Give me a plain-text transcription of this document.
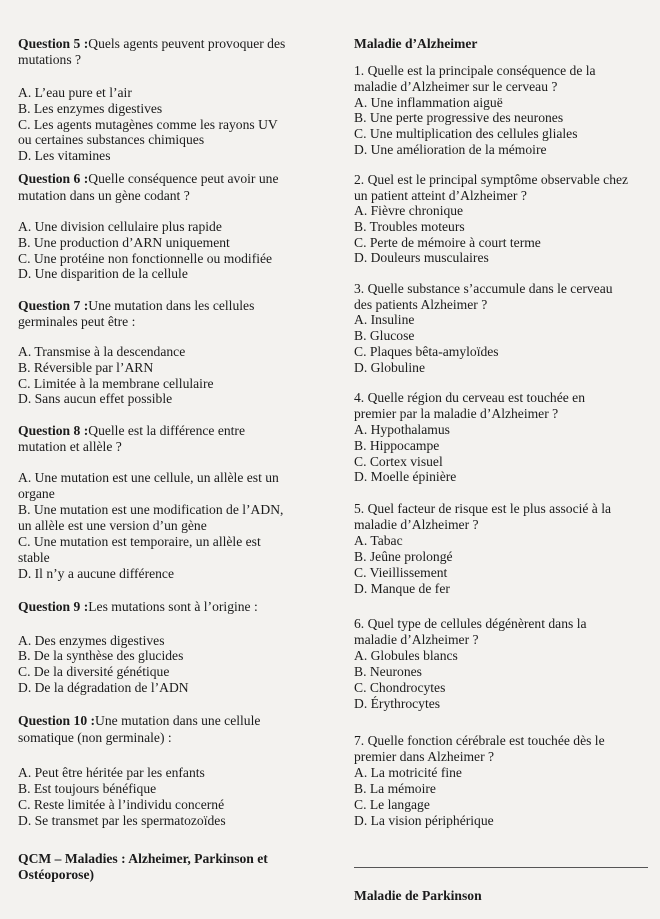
Question 5 :Quels agents peuvent provoquer des
mutations ?
A. L’eau pure et l’air
B. Les enzymes digestives
C. Les agents mutagènes comme les rayons UV
ou certaines substances chimiques
D. Les vitamines
Question 6 :Quelle conséquence peut avoir une
mutation dans un gène codant ?
A. Une division cellulaire plus rapide
B. Une production d’ARN uniquement
C. Une protéine non fonctionnelle ou modifiée
D. Une disparition de la cellule
Question 7 :Une mutation dans les cellules
germinales peut être :
A. Transmise à la descendance
B. Réversible par l’ARN
C. Limitée à la membrane cellulaire
D. Sans aucun effet possible
Question 8 :Quelle est la différence entre
mutation et allèle ?
A. Une mutation est une cellule, un allèle est un
organe
B. Une mutation est une modification de l’ADN,
un allèle est une version d’un gène
C. Une mutation est temporaire, un allèle est
stable
D. Il n’y a aucune différence
Question 9 :Les mutations sont à l’origine :
A. Des enzymes digestives
B. De la synthèse des glucides
C. De la diversité génétique
D. De la dégradation de l’ADN
Question 10 :Une mutation dans une cellule
somatique (non germinale) :
A. Peut être héritée par les enfants
B. Est toujours bénéfique
C. Reste limitée à l’individu concerné
D. Se transmet par les spermatozoïdes
QCM – Maladies : Alzheimer, Parkinson et
Ostéoporose)
Maladie d’Alzheimer
1. Quelle est la principale conséquence de la
maladie d’Alzheimer sur le cerveau ?
A. Une inflammation aiguë
B. Une perte progressive des neurones
C. Une multiplication des cellules gliales
D. Une amélioration de la mémoire
2. Quel est le principal symptôme observable chez
un patient atteint d’Alzheimer ?
A. Fièvre chronique
B. Troubles moteurs
C. Perte de mémoire à court terme
D. Douleurs musculaires
3. Quelle substance s’accumule dans le cerveau
des patients Alzheimer ?
A. Insuline
B. Glucose
C. Plaques bêta-amyloïdes
D. Globuline
4. Quelle région du cerveau est touchée en
premier par la maladie d’Alzheimer ?
A. Hypothalamus
B. Hippocampe
C. Cortex visuel
D. Moelle épinière
5. Quel facteur de risque est le plus associé à la
maladie d’Alzheimer ?
A. Tabac
B. Jeûne prolongé
C. Vieillissement
D. Manque de fer
6. Quel type de cellules dégénèrent dans la
maladie d’Alzheimer ?
A. Globules blancs
B. Neurones
C. Chondrocytes
D. Érythrocytes
7. Quelle fonction cérébrale est touchée dès le
premier dans Alzheimer ?
A. La motricité fine
B. La mémoire
C. Le langage
D. La vision périphérique
Maladie de Parkinson
